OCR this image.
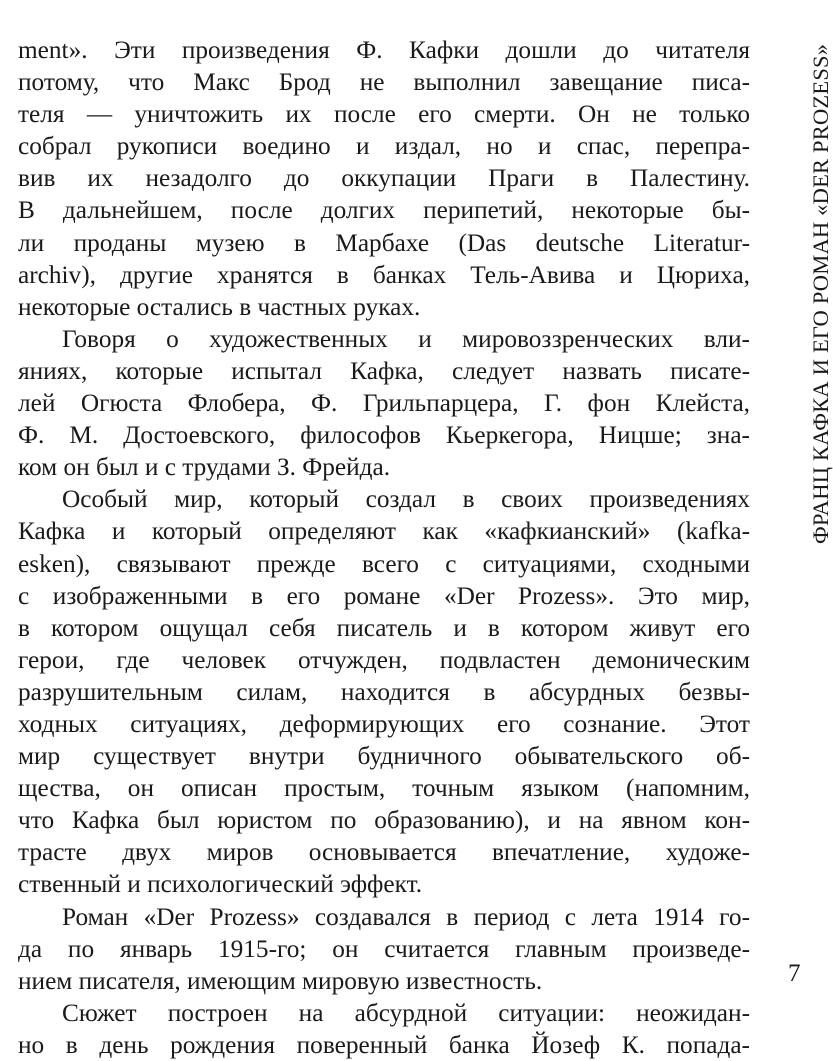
ment». Эти произведения Ф. Кафки дошли до читателя
потому, что Макс Брод не выполнил завещание писа-
теля — уничтожить их после его смерти. Он не только
собрал рукописи воедино и издал, но и спас, перепра-
вив их незадолго до оккупации Праги в Палестину.
В дальнейшем, после долгих перипетий, некоторые бы-
ли проданы музею в Марбахе (Das deutsche Literatur-
archiv), другие хранятся в банках Тель-Авива и Цюриха,
некоторые остались в частных руках.
Говоря о художественных и мировоззренческих вли-
яниях, которые испытал Кафка, следует назвать писате-
лей Огюста Флобера, Ф. Грильпарцера, Г. фон Клейста,
Ф. М. Достоевского, философов Кьеркегора, Ницше; зна-
ком он был и с трудами З. Фрейда.
Особый мир, который создал в своих произведениях
Кафка и который определяют как «кафкианский» (kafka-
esken), связывают прежде всего с ситуациями, сходными
с изображенными в его романе «Der Prozess». Это мир,
в котором ощущал себя писатель и в котором живут его
герои, где человек отчужден, подвластен демоническим
разрушительным силам, находится в абсурдных безвы-
ходных ситуациях, деформирующих его сознание. Этот
мир существует внутри будничного обывательского об-
щества, он описан простым, точным языком (напомним,
что Кафка был юристом по образованию), и на явном кон-
трасте двух миров основывается впечатление, художе-
ственный и психологический эффект.
Роман «Der Prozess» создавался в период с лета 1914 го-
да по январь 1915-го; он считается главным произведе-
нием писателя, имеющим мировую известность.
Сюжет построен на абсурдной ситуации: неожидан-
но в день рождения поверенный банка Йозеф К. попада-
ФРАНЦ КАФКА И ЕГО РОМАН «DER PROZESS»
7
